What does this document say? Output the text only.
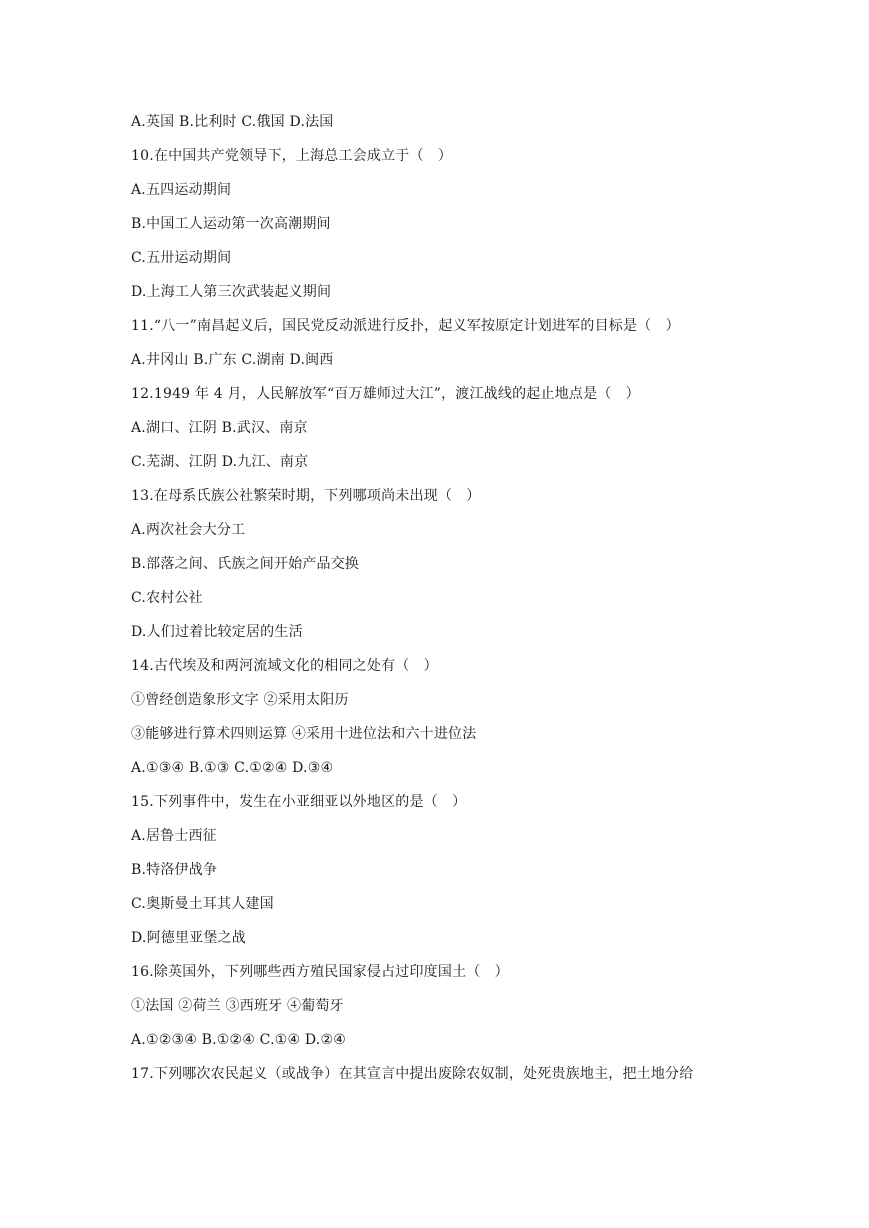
A.英国 B.比利时 C.俄国 D.法国
10.在中国共产党领导下，上海总工会成立于（　）
A.五四运动期间
B.中国工人运动第一次高潮期间
C.五卅运动期间
D.上海工人第三次武装起义期间
11.“八一”南昌起义后，国民党反动派进行反扑，起义军按原定计划进军的目标是（　）
A.井冈山 B.广东 C.湖南 D.闽西
12.1949 年 4 月，人民解放军“百万雄师过大江”，渡江战线的起止地点是（　）
A.湖口、江阴 B.武汉、南京
C.芜湖、江阴 D.九江、南京
13.在母系氏族公社繁荣时期，下列哪项尚未出现（　）
A.两次社会大分工
B.部落之间、氏族之间开始产品交换
C.农村公社
D.人们过着比较定居的生活
14.古代埃及和两河流域文化的相同之处有（　）
①曾经创造象形文字 ②采用太阳历
③能够进行算术四则运算 ④采用十进位法和六十进位法
A.①③④ B.①③ C.①②④ D.③④
15.下列事件中，发生在小亚细亚以外地区的是（　）
A.居鲁士西征
B.特洛伊战争
C.奥斯曼土耳其人建国
D.阿德里亚堡之战
16.除英国外，下列哪些西方殖民国家侵占过印度国土（　）
①法国 ②荷兰 ③西班牙 ④葡萄牙
A.①②③④ B.①②④ C.①④ D.②④
17.下列哪次农民起义（或战争）在其宣言中提出废除农奴制，处死贵族地主，把土地分给
